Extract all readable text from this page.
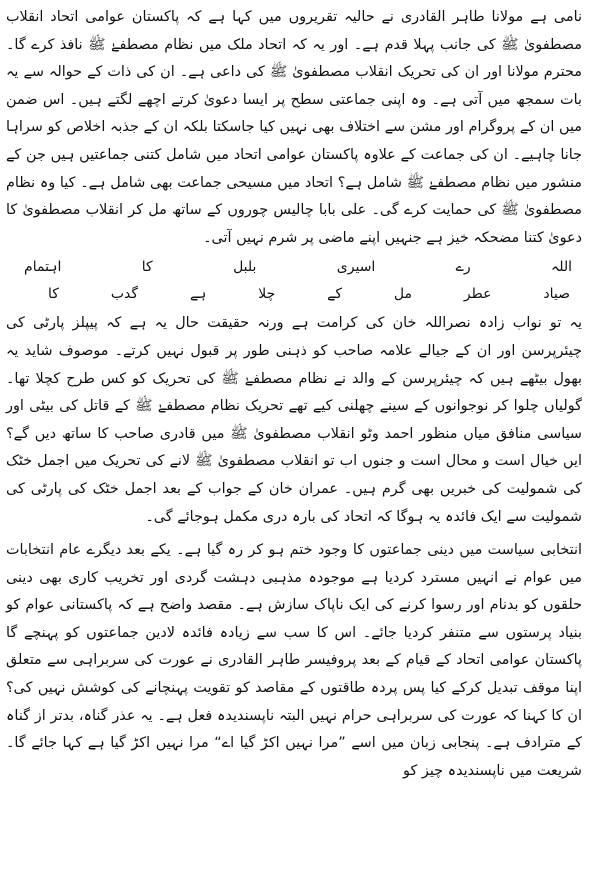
نامی ہے مولانا طاہر القادری نے حالیہ تقریروں میں کہا ہے کہ پاکستان عوامی اتحاد انقلاب مصطفویٰ ﷺ کی جانب پہلا قدم ہے۔ اور یہ کہ اتحاد ملک میں نظام مصطفےٰ ﷺ نافذ کرے گا۔ محترم مولانا اور ان کی تحریک انقلاب مصطفویٰ ﷺ کی داعی ہے۔ ان کی ذات کے حوالہ سے یہ بات سمجھ میں آتی ہے۔ وہ اپنی جماعتی سطح پر ایسا دعویٰ کرتے اچھے لگتے ہیں۔ اس ضمن میں ان کے پروگرام اور مشن سے اختلاف بھی نہیں کیا جاسکتا بلکہ ان کے جذبہ اخلاص کو سراہا جانا چاہیے۔ ان کی جماعت کے علاوہ پاکستان عوامی اتحاد میں شامل کتنی جماعتیں ہیں جن کے منشور میں نظام مصطفےٰ ﷺ شامل ہے؟ اتحاد میں مسیحی جماعت بھی شامل ہے۔ کیا وہ نظام مصطفویٰ ﷺ کی حمایت کرے گی۔ علی بابا چالیس چوروں کے ساتھ مل کر انقلاب مصطفویٰ کا دعویٰ کتنا مضحکہ خیز ہے جنہیں اپنے ماضی پر شرم نہیں آتی۔

اللہ
رے
اسیری
بلبل
کا
اہتمام
صیاد
عطر
مل
کے
چلا
ہے
گدب
کا

یہ تو نواب زادہ نصراللہ خان کی کرامت ہے ورنہ حقیقت حال یہ ہے کہ پیپلز پارٹی کی چیئرپرسن اور ان کے جیالے علامہ صاحب کو ذہنی طور پر قبول نہیں کرتے۔ موصوف شاید یہ بھول بیٹھے ہیں کہ چیئرپرسن کے والد نے نظام مصطفےٰ ﷺ کی تحریک کو کس طرح کچلا تھا۔ گولیاں چلوا کر نوجوانوں کے سینے چھلنی کیے تھے تحریک نظام مصطفےٰ ﷺ کے قاتل کی بیٹی اور سیاسی منافق میاں منظور احمد وٹو انقلاب مصطفویٰ ﷺ میں قادری صاحب کا ساتھ دیں گے؟ ایں خیال است و محال است و جنوں اب تو انقلاب مصطفویٰ ﷺ لانے کی تحریک میں اجمل خٹک کی شمولیت کی خبریں بھی گرم ہیں۔ عمران خان کے جواب کے بعد اجمل خٹک کی پارٹی کی شمولیت سے ایک فائدہ یہ ہوگا کہ اتحاد کی بارہ دری مکمل ہوجائے گی۔

انتخابی سیاست میں دینی جماعتوں کا وجود ختم ہو کر رہ گیا ہے۔ یکے بعد دیگرے عام انتخابات میں عوام نے انہیں مسترد کردیا ہے موجودہ مذہبی دہشت گردی اور تخریب کاری بھی دینی حلقوں کو بدنام اور رسوا کرنے کی ایک ناپاک سازش ہے۔ مقصد واضح ہے کہ پاکستانی عوام کو بنیاد پرستوں سے متنفر کردیا جائے۔ اس کا سب سے زیادہ فائدہ لادین جماعتوں کو پہنچے گا پاکستان عوامی اتحاد کے قیام کے بعد پروفیسر طاہر القادری نے عورت کی سربراہی سے متعلق اپنا موقف تبدیل کرکے کیا پس پردہ طاقتوں کے مقاصد کو تقویت پہنچانے کی کوشش نہیں کی؟ ان کا کہنا کہ عورت کی سربراہی حرام نہیں البتہ ناپسندیدہ فعل ہے۔ یہ عذر گناہ، بدتر از گناہ کے مترادف ہے۔ پنجابی زبان میں اسے ”مرا نہیں اکڑ گیا اے“ مرا نہیں اکڑ گیا ہے کہا جائے گا۔ شریعت میں ناپسندیدہ چیز کو
